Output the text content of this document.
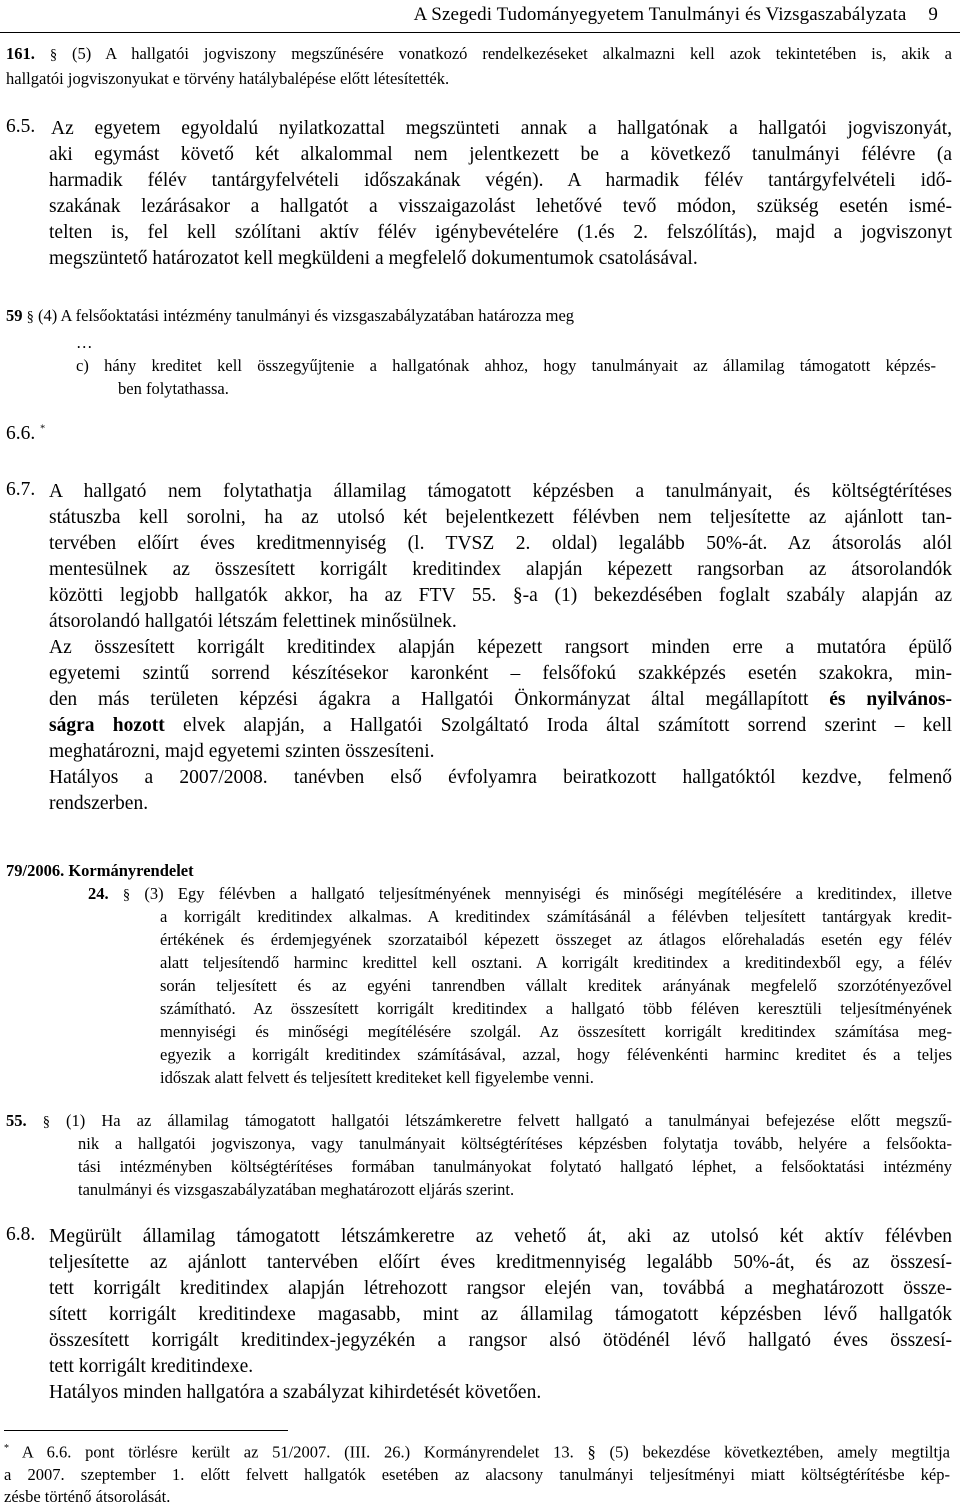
A Szegedi Tudományegyetem Tanulmányi és Vizsgaszabályzata 9
161. § (5) A hallgatói jogviszony megszűnésére vonatkozó rendelkezéseket alkalmazni kell azok tekintetében is, akik a
hallgatói jogviszonyukat e törvény hatálybalépése előtt létesítették.
6.5. Az egyetem egyoldalú nyilatkozattal megszünteti annak a hallgatónak a hallgatói jogviszonyát,
aki egymást követő két alkalommal nem jelentkezett be a következő tanulmányi félévre (a
harmadik félév tantárgyfelvételi időszakának végén). A harmadik félév tantárgyfelvételi idő-
szakának lezárásakor a hallgatót a visszaigazolást lehetővé tevő módon, szükség esetén ismé-
telten is, fel kell szólítani aktív félév igénybevételére (1.és 2. felszólítás), majd a jogviszonyt
megszüntető határozatot kell megküldeni a megfelelő dokumentumok csatolásával.
59 § (4) A felsőoktatási intézmény tanulmányi és vizsgaszabályzatában határozza meg
…
c) hány kreditet kell összegyűjtenie a hallgatónak ahhoz, hogy tanulmányait az államilag támogatott képzés-
ben folytathassa.
6.6. *
6.7. A hallgató nem folytathatja államilag támogatott képzésben a tanulmányait, és költségtérítéses
státuszba kell sorolni, ha az utolsó két bejelentkezett félévben nem teljesítette az ajánlott tan-
tervében előírt éves kreditmennyiség (l. TVSZ 2. oldal) legalább 50%-át. Az átsorolás alól
mentesülnek az összesített korrigált kreditindex alapján képezett rangsorban az átsorolandók
közötti legjobb hallgatók akkor, ha az FTV 55. §-a (1) bekezdésében foglalt szabály alapján az
átsorolandó hallgatói létszám felettinek minősülnek.
Az összesített korrigált kreditindex alapján képezett rangsort minden erre a mutatóra épülő
egyetemi szintű sorrend készítésekor karonként – felsőfokú szakképzés esetén szakokra, min-
den más területen képzési ágakra a Hallgatói Önkormányzat által megállapított és nyilvános-
ságra hozott elvek alapján, a Hallgatói Szolgáltató Iroda által számított sorrend szerint – kell
meghatározni, majd egyetemi szinten összesíteni.
Hatályos a 2007/2008. tanévben első évfolyamra beiratkozott hallgatóktól kezdve, felmenő
rendszerben.
79/2006. Kormányrendelet
24. § (3) Egy félévben a hallgató teljesítményének mennyiségi és minőségi megítélésére a kreditindex, illetve
a korrigált kreditindex alkalmas. A kreditindex számításánál a félévben teljesített tantárgyak kredit-
értékének és érdemjegyének szorzataiból képezett összeget az átlagos előrehaladás esetén egy félév
alatt teljesítendő harminc kredittel kell osztani. A korrigált kreditindex a kreditindexből egy, a félév
során teljesített és az egyéni tanrendben vállalt kreditek arányának megfelelő szorzótényezővel
számítható. Az összesített korrigált kreditindex a hallgató több féléven keresztüli teljesítményének
mennyiségi és minőségi megítélésére szolgál. Az összesített korrigált kreditindex számítása meg-
egyezik a korrigált kreditindex számításával, azzal, hogy félévenkénti harminc kreditet és a teljes
időszak alatt felvett és teljesített krediteket kell figyelembe venni.
55. § (1) Ha az államilag támogatott hallgatói létszámkeretre felvett hallgató a tanulmányai befejezése előtt megszű-
nik a hallgatói jogviszonya, vagy tanulmányait költségtérítéses képzésben folytatja tovább, helyére a felsőokta-
tási intézményben költségtérítéses formában tanulmányokat folytató hallgató léphet, a felsőoktatási intézmény
tanulmányi és vizsgaszabályzatában meghatározott eljárás szerint.
6.8. Megürült államilag támogatott létszámkeretre az vehető át, aki az utolsó két aktív félévben
teljesítette az ajánlott tantervében előírt éves kreditmennyiség legalább 50%-át, és az összesí-
tett korrigált kreditindex alapján létrehozott rangsor elején van, továbbá a meghatározott össze-
sített korrigált kreditindexe magasabb, mint az államilag támogatott képzésben lévő hallgatók
összesített korrigált kreditindex-jegyzékén a rangsor alsó ötödénél lévő hallgató éves összesí-
tett korrigált kreditindexe.
Hatályos minden hallgatóra a szabályzat kihirdetését követően.
* A 6.6. pont törlésre került az 51/2007. (III. 26.) Kormányrendelet 13. § (5) bekezdése következtében, amely megtiltja
a 2007. szeptember 1. előtt felvett hallgatók esetében az alacsony tanulmányi teljesítményi miatt költségtérítésbe kép-
zésbe történő átsorolását.
